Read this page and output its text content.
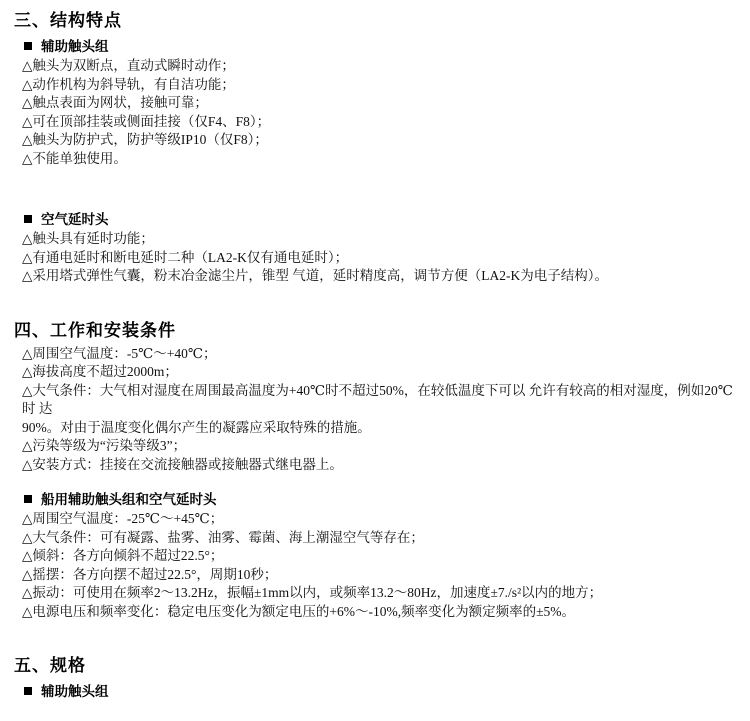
三、结构特点
辅助触头组

△触头为双断点，直动式瞬时动作；

△动作机构为斜导轨，有自洁功能；

△触点表面为网状，接触可靠；

△可在顶部挂装或侧面挂接（仅F4、F8）；

△触头为防护式，防护等级IP10（仅F8）；

△不能单独使用。

空气延时头

△触头具有延时功能；

△有通电延时和断电延时二种（LA2-K仅有通电延时）；

△采用塔式弹性气囊，粉末冶金滤尘片，锥型 气道，延时精度高，调节方便（LA2-K为电子结构）。

四、工作和安装条件

△周围空气温度：-5℃～+40℃；

△海拔高度不超过2000m；

△大气条件：大气相对湿度在周围最高温度为+40℃时不超过50%，在较低温度下可以 允许有较高的相对湿度，例如20℃时 达

90%。对由于温度变化偶尔产生的凝露应采取特殊的措施。

△污染等级为“污染等级3”；

△安装方式：挂接在交流接触器或接触器式继电器上。

船用辅助触头组和空气延时头

△周围空气温度：-25℃～+45℃；

△大气条件：可有凝露、盐雾、油雾、霉菌、海上潮湿空气等存在；

△倾斜：各方向倾斜不超过22.5°；

△摇摆：各方向摆不超过22.5°，周期10秒；

△振动：可使用在频率2～13.2Hz，振幅±1mm以内，或频率13.2～80Hz，加速度±7./s²以内的地方；

△电源电压和频率变化：稳定电压变化为额定电压的+6%～-10%,频率变化为额定频率的±5%。

五、规格
辅助触头组
